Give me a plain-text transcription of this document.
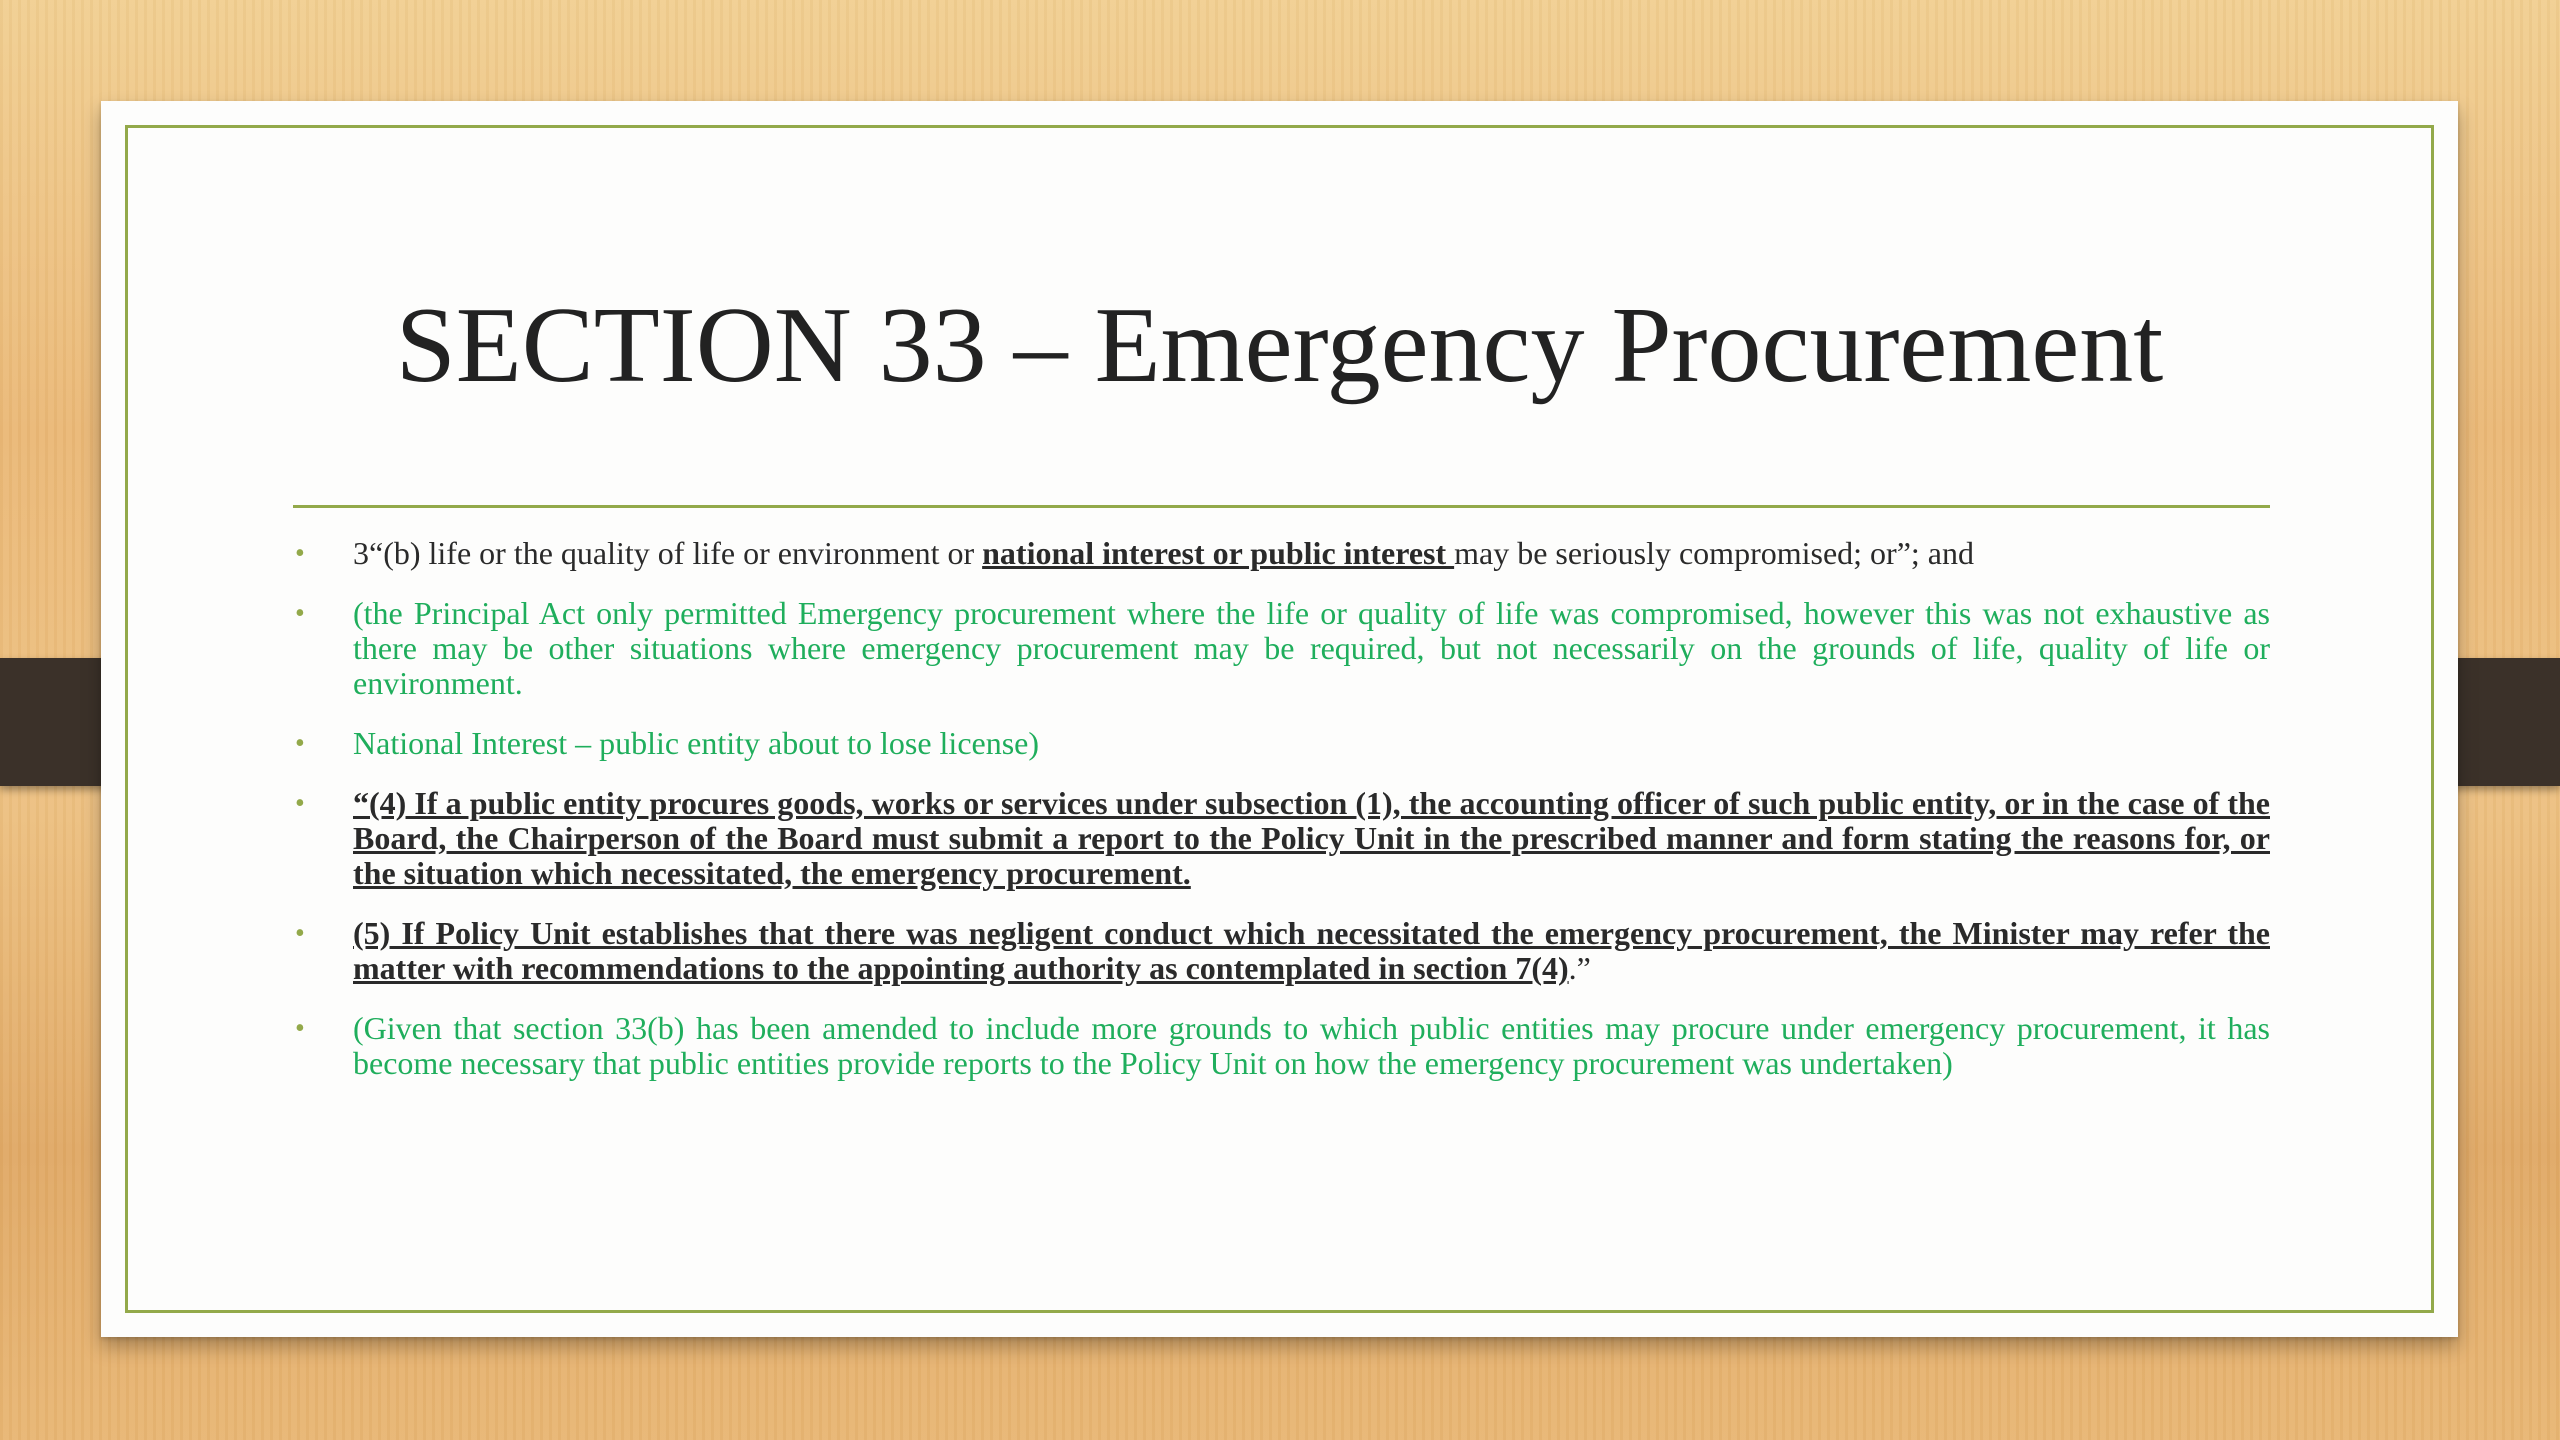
SECTION 33 – Emergency Procurement
• 3“(b) life or the quality of life or environment or national interest or public interest may be seriously compromised; or”; and
• (the Principal Act only permitted Emergency procurement where the life or quality of life was compromised, however this was not exhaustive as there may be other situations where emergency procurement may be required, but not necessarily on the grounds of life, quality of life or environment.
• National Interest – public entity about to lose license)
• “(4) If a public entity procures goods, works or services under subsection (1), the accounting officer of such public entity, or in the case of the Board, the Chairperson of the Board must submit a report to the Policy Unit in the prescribed manner and form stating the reasons for, or the situation which necessitated, the emergency procurement.
• (5) If Policy Unit establishes that there was negligent conduct which necessitated the emergency procurement, the Minister may refer the matter with recommendations to the appointing authority as contemplated in section 7(4).”
• (Given that section 33(b) has been amended to include more grounds to which public entities may procure under emergency procurement, it has become necessary that public entities provide reports to the Policy Unit on how the emergency procurement was undertaken)
